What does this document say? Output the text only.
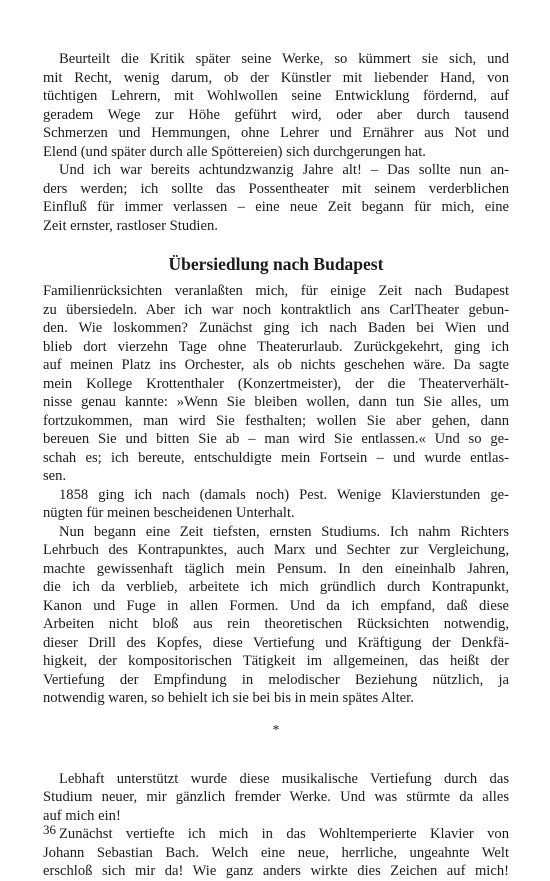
Beurteilt die Kritik später seine Werke, so kümmert sie sich, und
mit Recht, wenig darum, ob der Künstler mit liebender Hand, von
tüchtigen Lehrern, mit Wohlwollen seine Entwicklung fördernd, auf
geradem Wege zur Höhe geführt wird, oder aber durch tausend
Schmerzen und Hemmungen, ohne Lehrer und Ernährer aus Not und
Elend (und später durch alle Spöttereien) sich durchgerungen hat.
Und ich war bereits achtundzwanzig Jahre alt! – Das sollte nun an-
ders werden; ich sollte das Possentheater mit seinem verderblichen
Einfluß für immer verlassen – eine neue Zeit begann für mich, eine
Zeit ernster, rastloser Studien.
Übersiedlung nach Budapest
Familienrücksichten veranlaßten mich, für einige Zeit nach Budapest
zu übersiedeln. Aber ich war noch kontraktlich ans CarlTheater gebun-
den. Wie loskommen? Zunächst ging ich nach Baden bei Wien und
blieb dort vierzehn Tage ohne Theaterurlaub. Zurückgekehrt, ging ich
auf meinen Platz ins Orchester, als ob nichts geschehen wäre. Da sagte
mein Kollege Krottenthaler (Konzertmeister), der die Theaterverhält-
nisse genau kannte: »Wenn Sie bleiben wollen, dann tun Sie alles, um
fortzukommen, man wird Sie festhalten; wollen Sie aber gehen, dann
bereuen Sie und bitten Sie ab – man wird Sie entlassen.« Und so ge-
schah es; ich bereute, entschuldigte mein Fortsein – und wurde entlas-
sen.
1858 ging ich nach (damals noch) Pest. Wenige Klavierstunden ge-
nügten für meinen bescheidenen Unterhalt.
Nun begann eine Zeit tiefsten, ernsten Studiums. Ich nahm Richters
Lehrbuch des Kontrapunktes, auch Marx und Sechter zur Vergleichung,
machte gewissenhaft täglich mein Pensum. In den eineinhalb Jahren,
die ich da verblieb, arbeitete ich mich gründlich durch Kontrapunkt,
Kanon und Fuge in allen Formen. Und da ich empfand, daß diese
Arbeiten nicht bloß aus rein theoretischen Rücksichten notwendig,
dieser Drill des Kopfes, diese Vertiefung und Kräftigung der Denkfä-
higkeit, der kompositorischen Tätigkeit im allgemeinen, das heißt der
Vertiefung der Empfindung in melodischer Beziehung nützlich, ja
notwendig waren, so behielt ich sie bei bis in mein spätes Alter.
*
Lebhaft unterstützt wurde diese musikalische Vertiefung durch das
Studium neuer, mir gänzlich fremder Werke. Und was stürmte da alles
auf mich ein!
Zunächst vertiefte ich mich in das Wohltemperierte Klavier von
Johann Sebastian Bach. Welch eine neue, herrliche, ungeahnte Welt
erschloß sich mir da! Wie ganz anders wirkte dies Zeichen auf mich!
36
